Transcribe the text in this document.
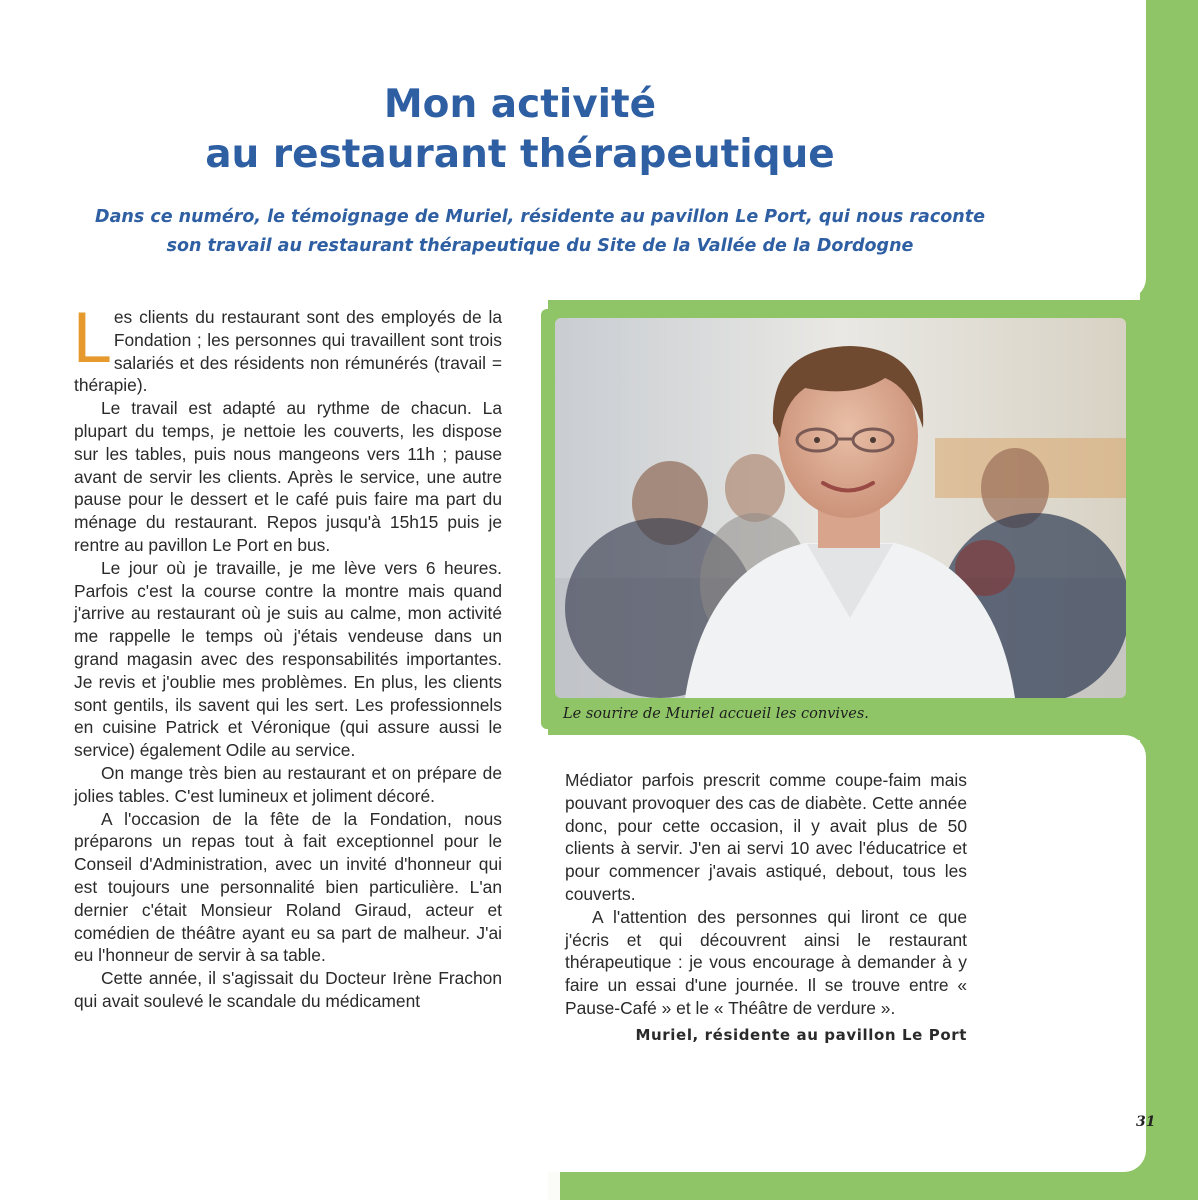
Mon activité
au restaurant thérapeutique
Dans ce numéro, le témoignage de Muriel, résidente au pavillon Le Port, qui nous raconte
son travail au restaurant thérapeutique du Site de la Vallée de la Dordogne

Les clients du restaurant sont des employés de la Fondation ; les personnes qui travaillent sont trois salariés et des résidents non rémunérés (travail = thérapie).

Le travail est adapté au rythme de chacun. La plupart du temps, je nettoie les couverts, les dispose sur les tables, puis nous mangeons vers 11h ; pause avant de servir les clients. Après le service, une autre pause pour le dessert et le café puis faire ma part du ménage du restaurant. Repos jusqu'à 15h15 puis je rentre au pavillon Le Port en bus.

Le jour où je travaille, je me lève vers 6 heures. Parfois c'est la course contre la montre mais quand j'arrive au restaurant où je suis au calme, mon activité me rappelle le temps où j'étais vendeuse dans un grand magasin avec des responsabilités importantes. Je revis et j'oublie mes problèmes. En plus, les clients sont gentils, ils savent qui les sert. Les professionnels en cuisine Patrick et Véronique (qui assure aussi le service) également Odile au service.

On mange très bien au restaurant et on prépare de jolies tables. C'est lumineux et joliment décoré.

A l'occasion de la fête de la Fondation, nous préparons un repas tout à fait exceptionnel pour le Conseil d'Administration, avec un invité d'honneur qui est toujours une personnalité bien particulière. L'an dernier c'était Monsieur Roland Giraud, acteur et comédien de théâtre ayant eu sa part de malheur. J'ai eu l'honneur de servir à sa table.

Cette année, il s'agissait du Docteur Irène Frachon qui avait soulevé le scandale du médicament

Le sourire de Muriel accueil les convives.

Médiator parfois prescrit comme coupe-faim mais pouvant provoquer des cas de diabète. Cette année donc, pour cette occasion, il y avait plus de 50 clients à servir. J'en ai servi 10 avec l'éducatrice et pour commencer j'avais astiqué, debout, tous les couverts.

A l'attention des personnes qui liront ce que j'écris et qui découvrent ainsi le restaurant thérapeutique : je vous encourage à demander à y faire un essai d'une journée. Il se trouve entre « Pause-Café » et le « Théâtre de verdure ».

Muriel, résidente au pavillon Le Port
31
